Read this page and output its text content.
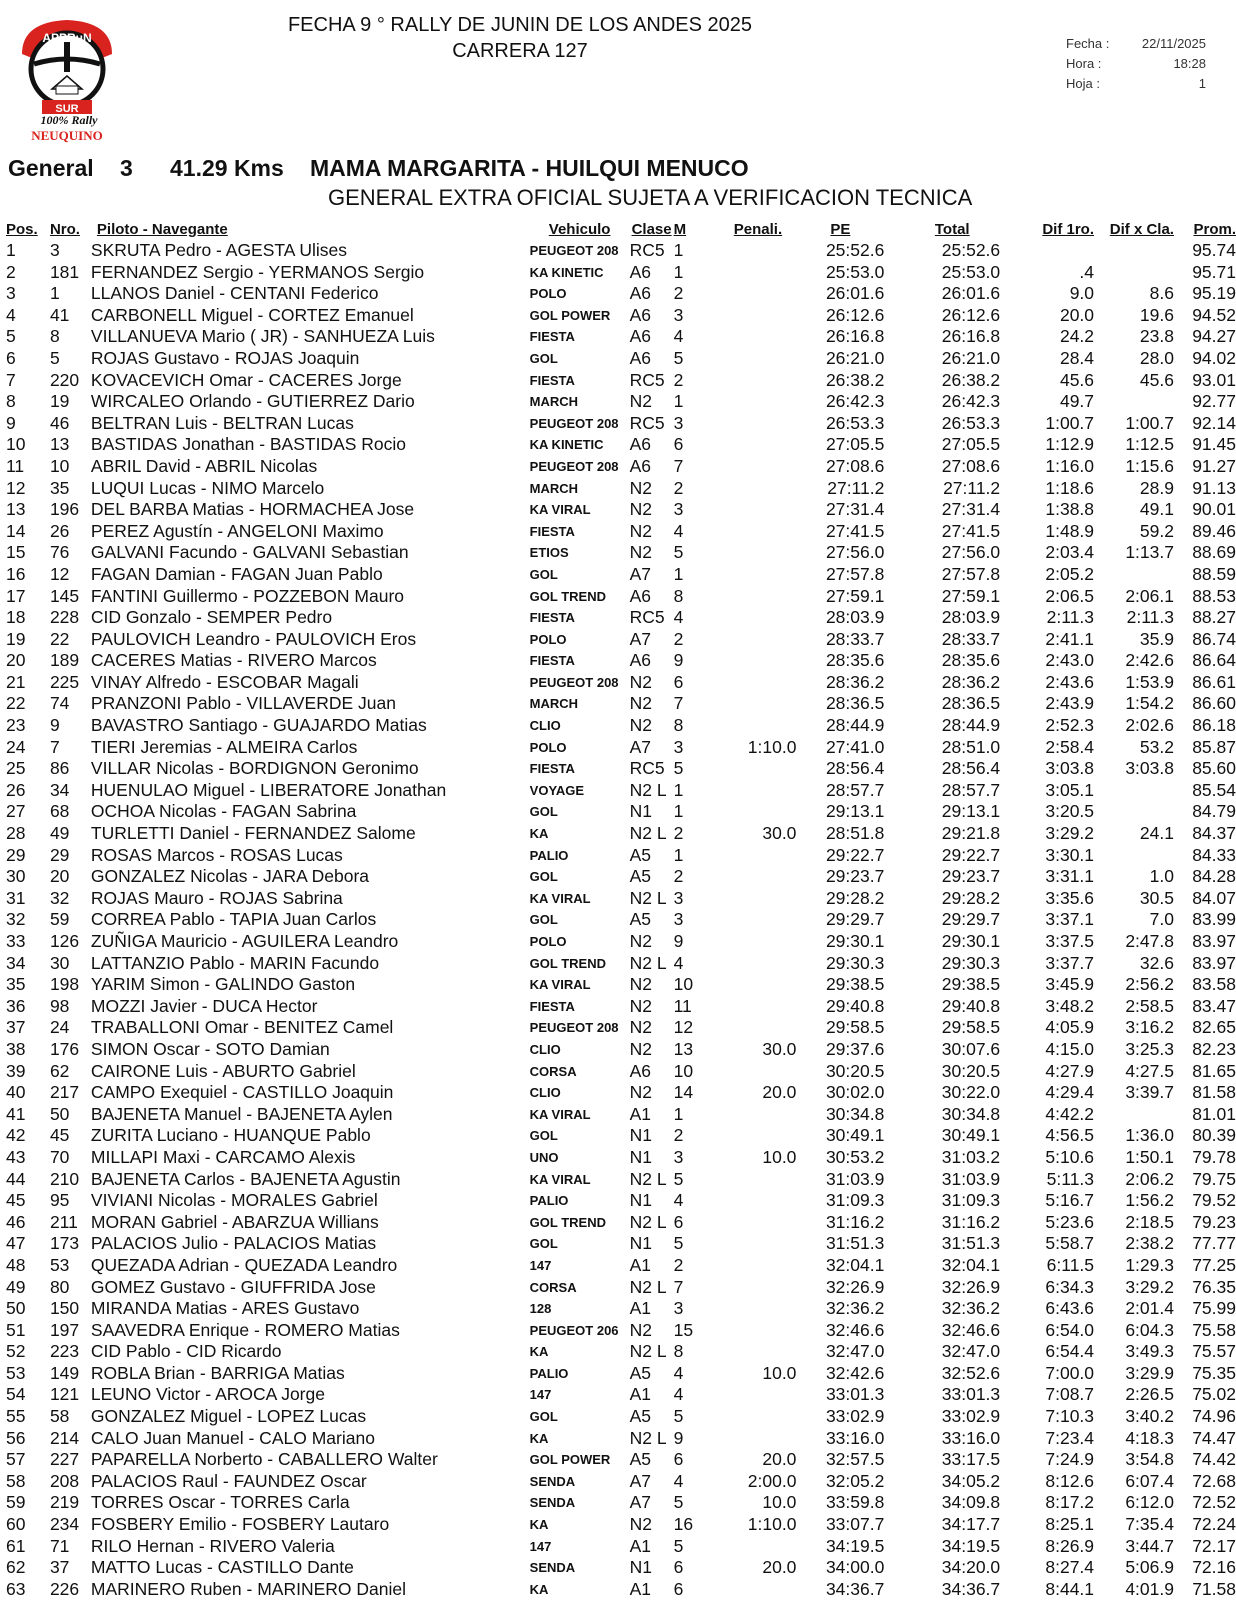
APPRuN
SUR
100% Rally
NEUQUINO
FECHA 9 ° RALLY DE JUNIN DE LOS ANDES 2025
CARRERA 127	Fecha :	22/11/2025
Hora :	18:28
Hoja :	1
General 3 41.29 Kms MAMA MARGARITA - HUILQUI MENUCO
GENERAL EXTRA OFICIAL SUJETA A VERIFICACION TECNICA
Pos.	Nro.	Piloto - Navegante	Vehiculo	Clase	M	Penali.	PE	Total	Dif 1ro.	Dif x Cla.	Prom.
1	3	SKRUTA Pedro - AGESTA Ulises	PEUGEOT 208	RC5	1		25:52.6	25:52.6			95.74
2	181	FERNANDEZ Sergio - YERMANOS Sergio	KA KINETIC	A6	1		25:53.0	25:53.0	.4		95.71
3	1	LLANOS Daniel - CENTANI Federico	POLO	A6	2		26:01.6	26:01.6	9.0	8.6	95.19
4	41	CARBONELL Miguel - CORTEZ Emanuel	GOL POWER	A6	3		26:12.6	26:12.6	20.0	19.6	94.52
5	8	VILLANUEVA Mario ( JR) - SANHUEZA Luis	FIESTA	A6	4		26:16.8	26:16.8	24.2	23.8	94.27
6	5	ROJAS Gustavo - ROJAS Joaquin	GOL	A6	5		26:21.0	26:21.0	28.4	28.0	94.02
7	220	KOVACEVICH Omar - CACERES Jorge	FIESTA	RC5	2		26:38.2	26:38.2	45.6	45.6	93.01
8	19	WIRCALEO Orlando - GUTIERREZ Dario	MARCH	N2	1		26:42.3	26:42.3	49.7		92.77
9	46	BELTRAN Luis - BELTRAN Lucas	PEUGEOT 208	RC5	3		26:53.3	26:53.3	1:00.7	1:00.7	92.14
10	13	BASTIDAS Jonathan - BASTIDAS Rocio	KA KINETIC	A6	6		27:05.5	27:05.5	1:12.9	1:12.5	91.45
11	10	ABRIL David - ABRIL Nicolas	PEUGEOT 208	A6	7		27:08.6	27:08.6	1:16.0	1:15.6	91.27
12	35	LUQUI Lucas - NIMO Marcelo	MARCH	N2	2		27:11.2	27:11.2	1:18.6	28.9	91.13
13	196	DEL BARBA Matias - HORMACHEA Jose	KA VIRAL	N2	3		27:31.4	27:31.4	1:38.8	49.1	90.01
14	26	PEREZ Agustín - ANGELONI Maximo	FIESTA	N2	4		27:41.5	27:41.5	1:48.9	59.2	89.46
15	76	GALVANI Facundo - GALVANI Sebastian	ETIOS	N2	5		27:56.0	27:56.0	2:03.4	1:13.7	88.69
16	12	FAGAN Damian - FAGAN Juan Pablo	GOL	A7	1		27:57.8	27:57.8	2:05.2		88.59
17	145	FANTINI Guillermo - POZZEBON Mauro	GOL TREND	A6	8		27:59.1	27:59.1	2:06.5	2:06.1	88.53
18	228	CID Gonzalo - SEMPER Pedro	FIESTA	RC5	4		28:03.9	28:03.9	2:11.3	2:11.3	88.27
19	22	PAULOVICH Leandro - PAULOVICH Eros	POLO	A7	2		28:33.7	28:33.7	2:41.1	35.9	86.74
20	189	CACERES Matias - RIVERO Marcos	FIESTA	A6	9		28:35.6	28:35.6	2:43.0	2:42.6	86.64
21	225	VINAY Alfredo - ESCOBAR Magali	PEUGEOT 208	N2	6		28:36.2	28:36.2	2:43.6	1:53.9	86.61
22	74	PRANZONI Pablo - VILLAVERDE Juan	MARCH	N2	7		28:36.5	28:36.5	2:43.9	1:54.2	86.60
23	9	BAVASTRO Santiago - GUAJARDO Matias	CLIO	N2	8		28:44.9	28:44.9	2:52.3	2:02.6	86.18
24	7	TIERI Jeremias - ALMEIRA Carlos	POLO	A7	3	1:10.0	27:41.0	28:51.0	2:58.4	53.2	85.87
25	86	VILLAR Nicolas - BORDIGNON Geronimo	FIESTA	RC5	5		28:56.4	28:56.4	3:03.8	3:03.8	85.60
26	34	HUENULAO Miguel - LIBERATORE Jonathan	VOYAGE	N2 L	1		28:57.7	28:57.7	3:05.1		85.54
27	68	OCHOA Nicolas - FAGAN Sabrina	GOL	N1	1		29:13.1	29:13.1	3:20.5		84.79
28	49	TURLETTI Daniel - FERNANDEZ Salome	KA	N2 L	2	30.0	28:51.8	29:21.8	3:29.2	24.1	84.37
29	29	ROSAS Marcos - ROSAS Lucas	PALIO	A5	1		29:22.7	29:22.7	3:30.1		84.33
30	20	GONZALEZ Nicolas - JARA Debora	GOL	A5	2		29:23.7	29:23.7	3:31.1	1.0	84.28
31	32	ROJAS Mauro - ROJAS Sabrina	KA VIRAL	N2 L	3		29:28.2	29:28.2	3:35.6	30.5	84.07
32	59	CORREA Pablo - TAPIA Juan Carlos	GOL	A5	3		29:29.7	29:29.7	3:37.1	7.0	83.99
33	126	ZUÑIGA Mauricio - AGUILERA Leandro	POLO	N2	9		29:30.1	29:30.1	3:37.5	2:47.8	83.97
34	30	LATTANZIO Pablo - MARIN Facundo	GOL TREND	N2 L	4		29:30.3	29:30.3	3:37.7	32.6	83.97
35	198	YARIM Simon - GALINDO Gaston	KA VIRAL	N2	10		29:38.5	29:38.5	3:45.9	2:56.2	83.58
36	98	MOZZI Javier - DUCA Hector	FIESTA	N2	11		29:40.8	29:40.8	3:48.2	2:58.5	83.47
37	24	TRABALLONI Omar - BENITEZ Camel	PEUGEOT 208	N2	12		29:58.5	29:58.5	4:05.9	3:16.2	82.65
38	176	SIMON Oscar - SOTO Damian	CLIO	N2	13	30.0	29:37.6	30:07.6	4:15.0	3:25.3	82.23
39	62	CAIRONE Luis - ABURTO Gabriel	CORSA	A6	10		30:20.5	30:20.5	4:27.9	4:27.5	81.65
40	217	CAMPO Exequiel - CASTILLO Joaquin	CLIO	N2	14	20.0	30:02.0	30:22.0	4:29.4	3:39.7	81.58
41	50	BAJENETA Manuel - BAJENETA Aylen	KA VIRAL	A1	1		30:34.8	30:34.8	4:42.2		81.01
42	45	ZURITA Luciano - HUANQUE Pablo	GOL	N1	2		30:49.1	30:49.1	4:56.5	1:36.0	80.39
43	70	MILLAPI Maxi - CARCAMO Alexis	UNO	N1	3	10.0	30:53.2	31:03.2	5:10.6	1:50.1	79.78
44	210	BAJENETA Carlos - BAJENETA Agustin	KA VIRAL	N2 L	5		31:03.9	31:03.9	5:11.3	2:06.2	79.75
45	95	VIVIANI Nicolas - MORALES Gabriel	PALIO	N1	4		31:09.3	31:09.3	5:16.7	1:56.2	79.52
46	211	MORAN Gabriel - ABARZUA Willians	GOL TREND	N2 L	6		31:16.2	31:16.2	5:23.6	2:18.5	79.23
47	173	PALACIOS Julio - PALACIOS Matias	GOL	N1	5		31:51.3	31:51.3	5:58.7	2:38.2	77.77
48	53	QUEZADA Adrian - QUEZADA Leandro	147	A1	2		32:04.1	32:04.1	6:11.5	1:29.3	77.25
49	80	GOMEZ Gustavo - GIUFFRIDA Jose	CORSA	N2 L	7		32:26.9	32:26.9	6:34.3	3:29.2	76.35
50	150	MIRANDA Matias - ARES Gustavo	128	A1	3		32:36.2	32:36.2	6:43.6	2:01.4	75.99
51	197	SAAVEDRA Enrique - ROMERO Matias	PEUGEOT 206	N2	15		32:46.6	32:46.6	6:54.0	6:04.3	75.58
52	223	CID Pablo - CID Ricardo	KA	N2 L	8		32:47.0	32:47.0	6:54.4	3:49.3	75.57
53	149	ROBLA Brian - BARRIGA Matias	PALIO	A5	4	10.0	32:42.6	32:52.6	7:00.0	3:29.9	75.35
54	121	LEUNO Victor - AROCA Jorge	147	A1	4		33:01.3	33:01.3	7:08.7	2:26.5	75.02
55	58	GONZALEZ Miguel - LOPEZ Lucas	GOL	A5	5		33:02.9	33:02.9	7:10.3	3:40.2	74.96
56	214	CALO Juan Manuel - CALO Mariano	KA	N2 L	9		33:16.0	33:16.0	7:23.4	4:18.3	74.47
57	227	PAPARELLA Norberto - CABALLERO Walter	GOL POWER	A5	6	20.0	32:57.5	33:17.5	7:24.9	3:54.8	74.42
58	208	PALACIOS Raul - FAUNDEZ Oscar	SENDA	A7	4	2:00.0	32:05.2	34:05.2	8:12.6	6:07.4	72.68
59	219	TORRES Oscar - TORRES Carla	SENDA	A7	5	10.0	33:59.8	34:09.8	8:17.2	6:12.0	72.52
60	234	FOSBERY Emilio - FOSBERY Lautaro	KA	N2	16	1:10.0	33:07.7	34:17.7	8:25.1	7:35.4	72.24
61	71	RILO Hernan - RIVERO Valeria	147	A1	5		34:19.5	34:19.5	8:26.9	3:44.7	72.17
62	37	MATTO Lucas - CASTILLO Dante	SENDA	N1	6	20.0	34:00.0	34:20.0	8:27.4	5:06.9	72.16
63	226	MARINERO Ruben - MARINERO Daniel	KA	A1	6		34:36.7	34:36.7	8:44.1	4:01.9	71.58
